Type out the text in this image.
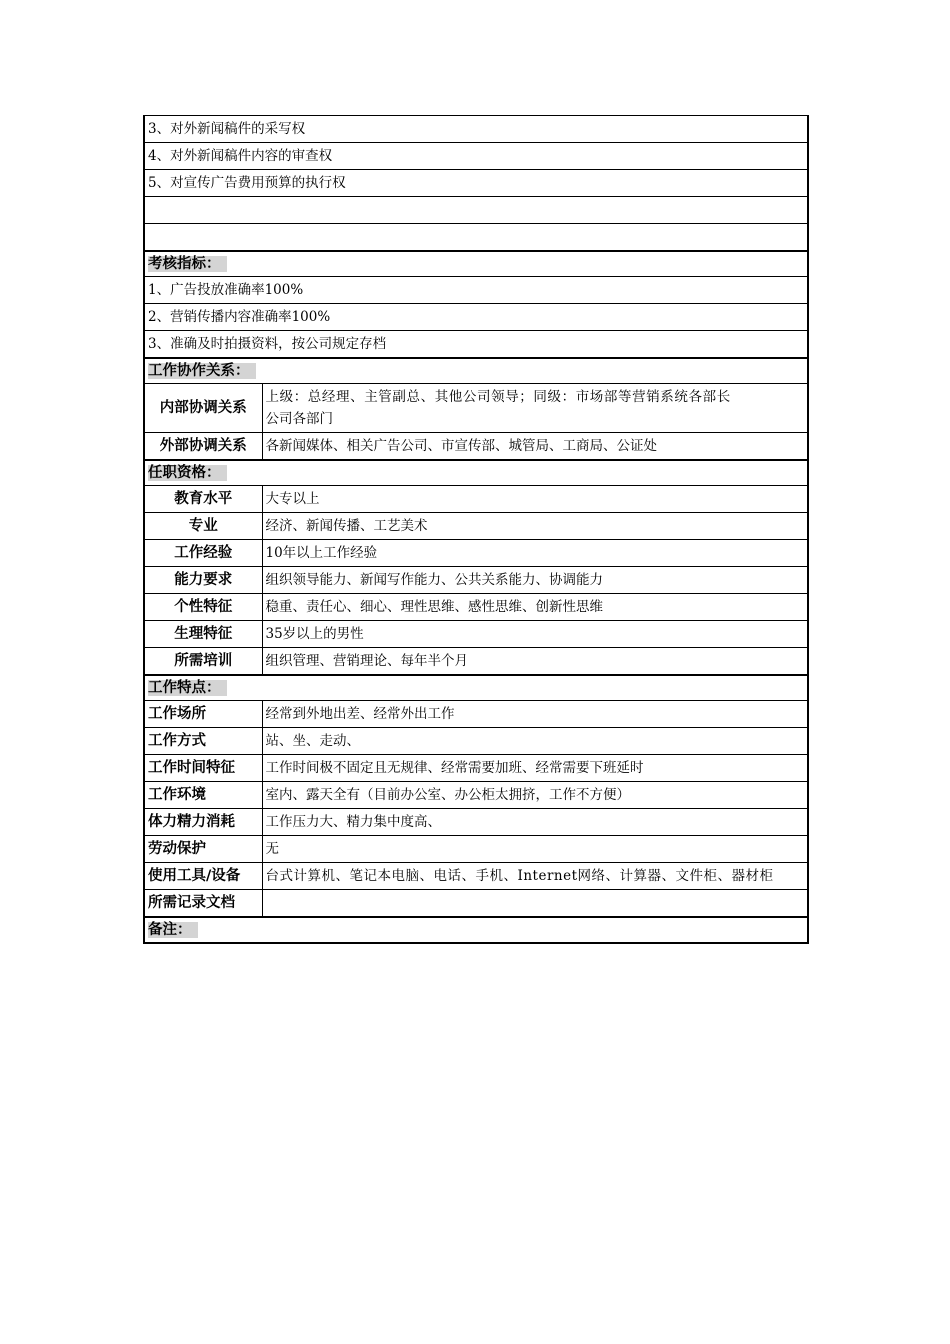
3、对外新闻稿件的采写权	
4、对外新闻稿件内容的审查权	
5、对宣传广告费用预算的执行权	

考核指标：	
1、广告投放准确率100%	
2、营销传播内容准确率100%	
3、准确及时拍摄资料，按公司规定存档	
工作协作关系：	
内部协调关系	上级：总经理、主管副总、其他公司领导；同级：市场部等营销系统各部长
公司各部门

外部协调关系	各新闻媒体、相关广告公司、市宣传部、城管局、工商局、公证处
任职资格：	
教育水平	大专以上
专业	经济、新闻传播、工艺美术
工作经验	10年以上工作经验
能力要求	组织领导能力、新闻写作能力、公共关系能力、协调能力
个性特征	稳重、责任心、细心、理性思维、感性思维、创新性思维
生理特征	35岁以上的男性
所需培训	组织管理、营销理论、每年半个月
工作特点：	
工作场所	经常到外地出差、经常外出工作
工作方式	站、坐、走动、
工作时间特征	工作时间极不固定且无规律、经常需要加班、经常需要下班延时
工作环境	室内、露天全有（目前办公室、办公柜太拥挤，工作不方便）
体力精力消耗	工作压力大、精力集中度高、
劳动保护	无
使用工具/设备	台式计算机、笔记本电脑、电话、手机、Internet网络、计算器、文件柜、器材柜
所需记录文档	
备注：	
